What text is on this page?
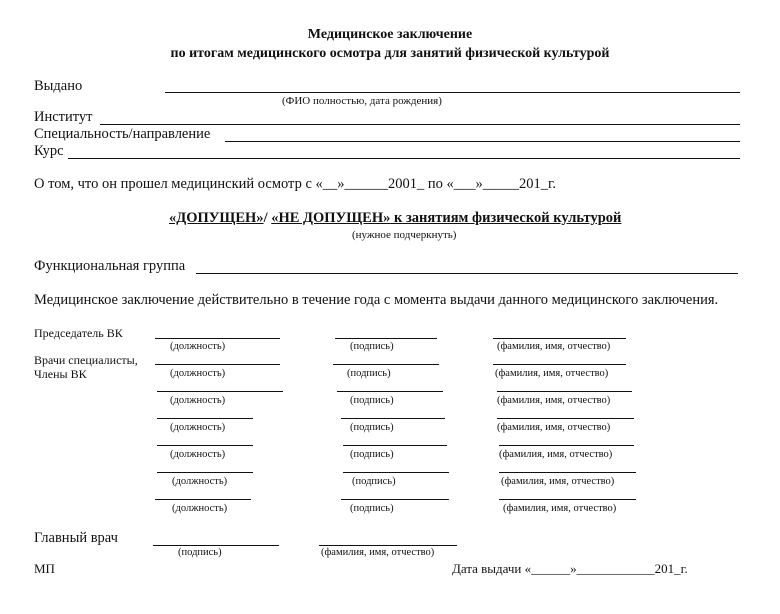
Медицинское заключение
по итогам медицинского осмотра для занятий физической культурой
Выдано
(ФИО полностью, дата рождения)
Институт
Специальность/направление
Курс
О том, что он прошел медицинский осмотр с «__»______2001_ по «___»_____201_г.
«ДОПУЩЕН»/ «НЕ ДОПУЩЕН» к занятиям физической культурой
(нужное подчеркнуть)
Функциональная группа
Медицинское заключение действительно в течение года с момента выдачи данного медицинского заключения.
Председатель ВК
Врачи специалисты,
Члены ВК
(должность)	(подпись)	(фамилия, имя, отчество)
(должность)	(подпись)	(фамилия, имя, отчество)
(должность)	(подпись)	(фамилия, имя, отчество)
(должность)	(подпись)	(фамилия, имя, отчество)
(должность)	(подпись)	(фамилия, имя, отчество)
(должность)	(подпись)	(фамилия, имя, отчество)
(должность)	(подпись)	(фамилия, имя, отчество)
Главный врач
(подпись)	(фамилия, имя, отчество)
МП	Дата выдачи «______»____________201_г.
